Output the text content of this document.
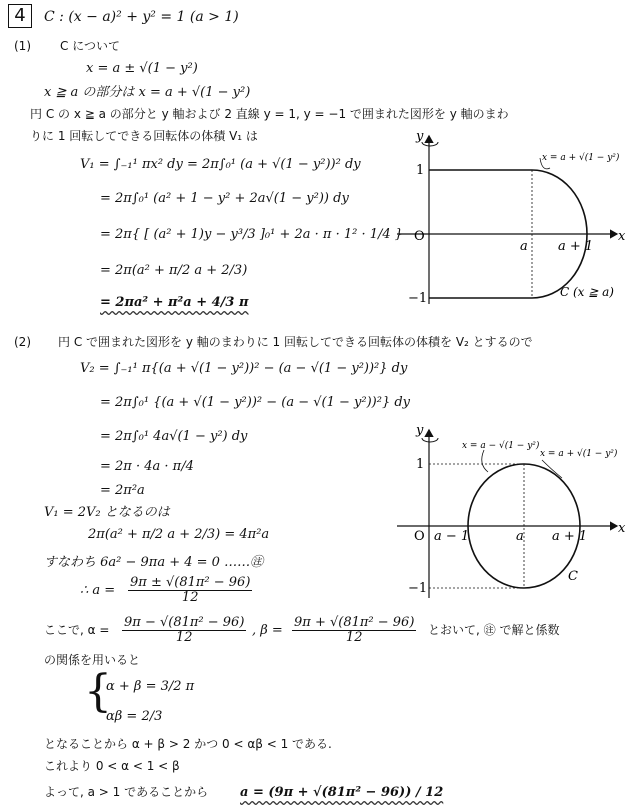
4	C : (x − a)² + y² = 1 (a > 1)
(1) C について
x = a ± √(1 − y²)
x ≧ a の部分は x = a + √(1 − y²)
円 C の x ≧ a の部分と y 軸および 2 直線 y = 1, y = −1 で囲まれた図形を y 軸のまわ
りに 1 回転してできる回転体の体積 V₁ は
V₁ = ∫₋₁¹ πx² dy = 2π∫₀¹ (a + √(1 − y²))² dy
= 2π∫₀¹ (a² + 1 − y² + 2a√(1 − y²)) dy
= 2π{ [ (a² + 1)y − y³/3 ]₀¹ + 2a · π · 1² · 1/4 }
= 2π(a² + π/2 a + 2/3)
= 2πa² + π²a + 4/3 π
y
x
O
1
−1
a a + 1
x = a + √(1 − y²)
C (x ≧ a)
(2) 円 C で囲まれた図形を y 軸のまわりに 1 回転してできる回転体の体積を V₂ とするので
V₂ = ∫₋₁¹ π{(a + √(1 − y²))² − (a − √(1 − y²))²} dy
= 2π∫₀¹ {(a + √(1 − y²))² − (a − √(1 − y²))²} dy
= 2π∫₀¹ 4a√(1 − y²) dy
= 2π · 4a · π/4
= 2π²a
V₁ = 2V₂ となるのは
2π(a² + π/2 a + 2/3) = 4π²a
すなわち 6a² − 9πa + 4 = 0 ……㊟
∴ $a = \frac{\text{9π ± √(81π² − 96)}}{12}$
ここで, $\alpha = \frac{\text{9π − √(81π² − 96)}}{12}$ , $\beta = \frac{\text{9π + √(81π² − 96)}}{12}$ とおいて, ㊟ で解と係数
の関係を用いると
{
α + β = 3/2 π
αβ = 2/3
となることから α + β > 2 かつ 0 < αβ < 1 である.
これより 0 < α < 1 < β
よって, a > 1 であることから a = (9π + √(81π² − 96)) / 12
y
x
O
1
−1
a − 1	a a + 1
x = a − √(1 − y²)
x = a + √(1 − y²)
C
